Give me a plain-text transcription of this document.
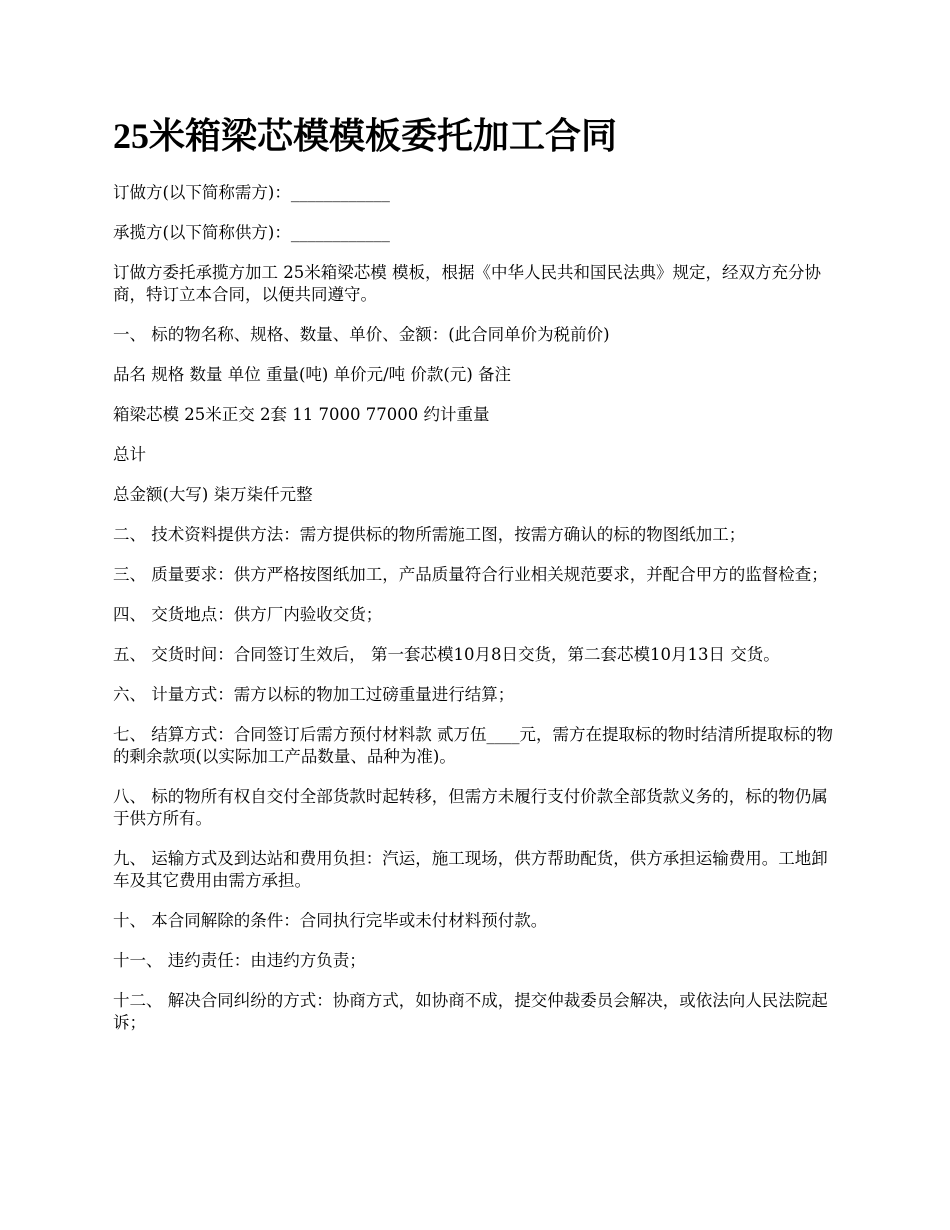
25米箱梁芯模模板委托加工合同

订做方(以下简称需方)：____________

承揽方(以下简称供方)：____________

订做方委托承揽方加工 25米箱梁芯模 模板，根据《中华人民共和国民法典》规定，经双方充分协商，特订立本合同，以便共同遵守。

一、 标的物名称、规格、数量、单价、金额：(此合同单价为税前价)

品名 规格 数量 单位 重量(吨) 单价元/吨 价款(元) 备注

箱梁芯模 25米正交 2套 11 7000 77000 约计重量

总计

总金额(大写) 柒万柒仟元整

二、 技术资料提供方法：需方提供标的物所需施工图，按需方确认的标的物图纸加工；

三、 质量要求：供方严格按图纸加工，产品质量符合行业相关规范要求，并配合甲方的监督检查；

四、 交货地点：供方厂内验收交货；

五、 交货时间：合同签订生效后， 第一套芯模10月8日交货，第二套芯模10月13日 交货。

六、 计量方式：需方以标的物加工过磅重量进行结算；

七、 结算方式：合同签订后需方预付材料款 贰万伍____元，需方在提取标的物时结清所提取标的物的剩余款项(以实际加工产品数量、品种为准)。

八、 标的物所有权自交付全部货款时起转移，但需方未履行支付价款全部货款义务的，标的物仍属于供方所有。

九、 运输方式及到达站和费用负担：汽运，施工现场，供方帮助配货，供方承担运输费用。工地卸车及其它费用由需方承担。

十、 本合同解除的条件：合同执行完毕或未付材料预付款。

十一、 违约责任：由违约方负责；

十二、 解决合同纠纷的方式：协商方式，如协商不成，提交仲裁委员会解决，或依法向人民法院起诉；
